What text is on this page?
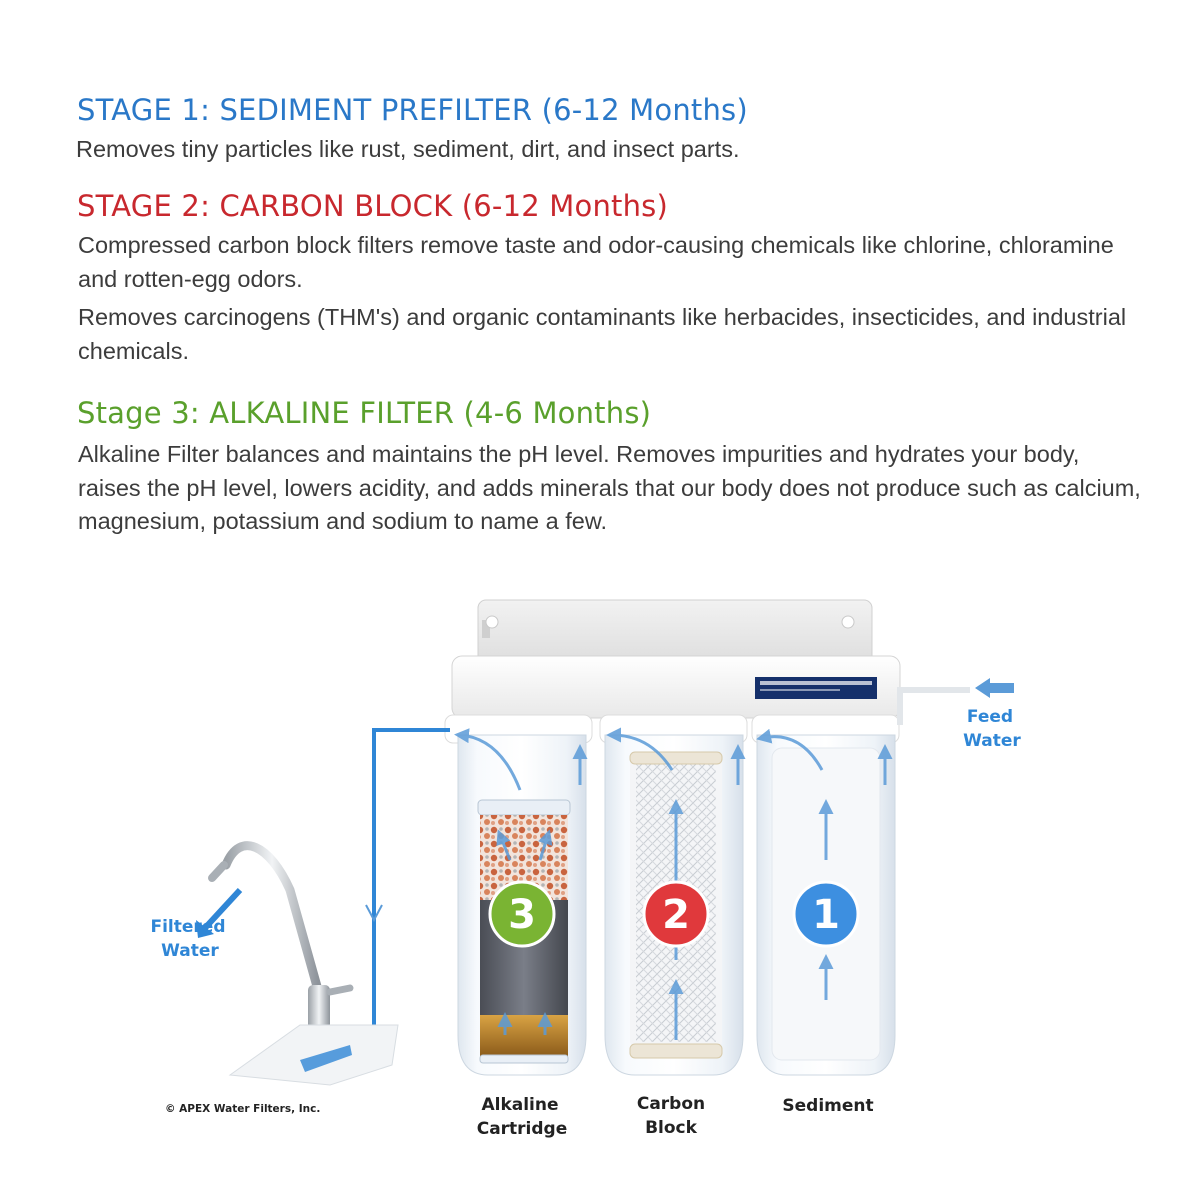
STAGE 1: SEDIMENT PREFILTER (6-12 Months)

Removes tiny particles like rust, sediment, dirt, and insect parts.

STAGE 2: CARBON BLOCK (6-12 Months)

Compressed carbon block filters remove taste and odor-causing chemicals like chlorine, chloramine and rotten-egg odors.

Removes carcinogens (THM's) and organic contaminants like herbacides, insecticides, and industrial chemicals.

Stage 3: ALKALINE FILTER (4-6 Months)

Alkaline Filter balances and maintains the pH level. Removes impurities and hydrates your body, raises the pH level, lowers acidity, and adds minerals that our body does not produce such as calcium, magnesium, potassium and sodium to name a few.

3	2	1
Feed
Water
Filtered
Water
© APEX Water Filters, Inc.	Alkaline
Cartridge
Carbon
Block
Sediment
